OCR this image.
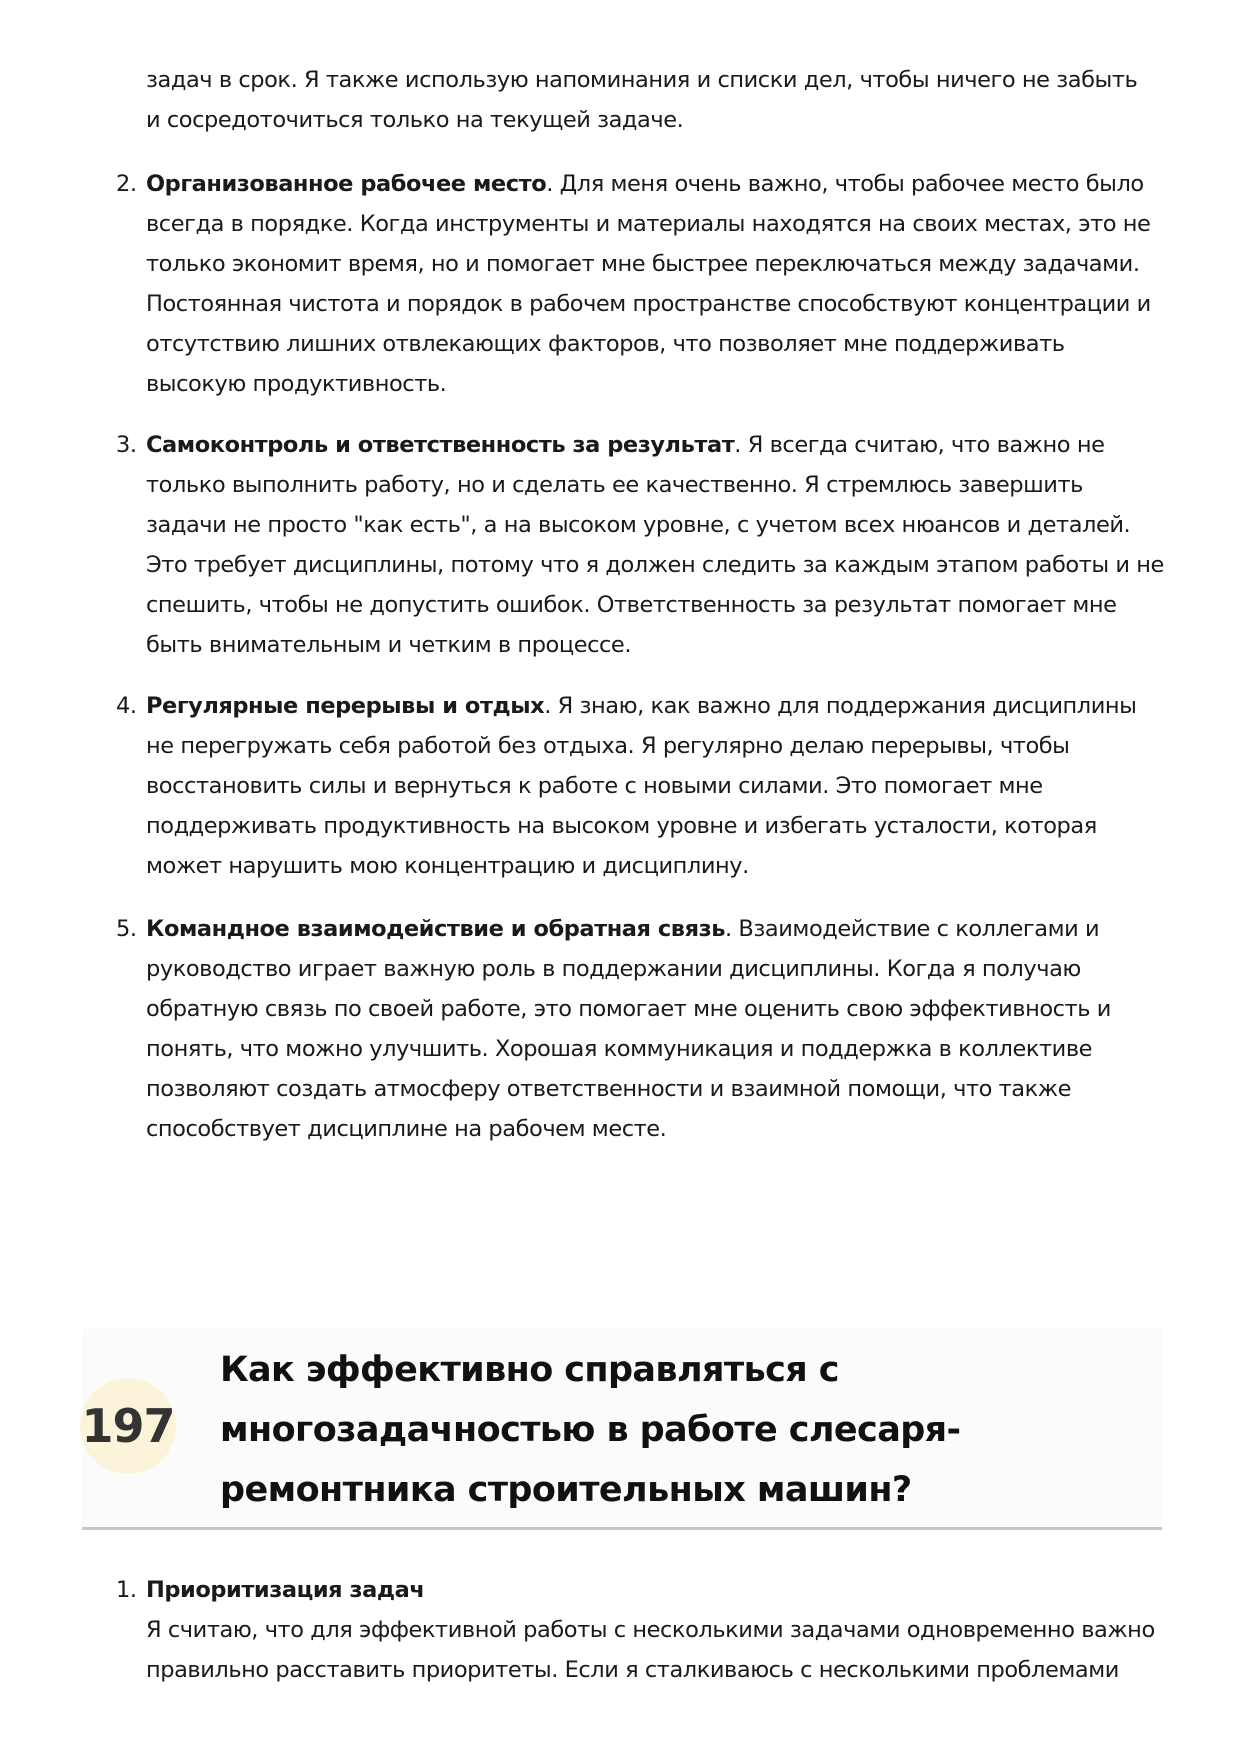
задач в срок. Я также использую напоминания и списки дел, чтобы ничего не забыть и сосредоточиться только на текущей задаче.
2. Организованное рабочее место. Для меня очень важно, чтобы рабочее место было всегда в порядке. Когда инструменты и материалы находятся на своих местах, это не только экономит время, но и помогает мне быстрее переключаться между задачами. Постоянная чистота и порядок в рабочем пространстве способствуют концентрации и отсутствию лишних отвлекающих факторов, что позволяет мне поддерживать высокую продуктивность.
3. Самоконтроль и ответственность за результат. Я всегда считаю, что важно не только выполнить работу, но и сделать ее качественно. Я стремлюсь завершить задачи не просто "как есть", а на высоком уровне, с учетом всех нюансов и деталей. Это требует дисциплины, потому что я должен следить за каждым этапом работы и не спешить, чтобы не допустить ошибок. Ответственность за результат помогает мне быть внимательным и четким в процессе.
4. Регулярные перерывы и отдых. Я знаю, как важно для поддержания дисциплины не перегружать себя работой без отдыха. Я регулярно делаю перерывы, чтобы восстановить силы и вернуться к работе с новыми силами. Это помогает мне поддерживать продуктивность на высоком уровне и избегать усталости, которая может нарушить мою концентрацию и дисциплину.
5. Командное взаимодействие и обратная связь. Взаимодействие с коллегами и руководство играет важную роль в поддержании дисциплины. Когда я получаю обратную связь по своей работе, это помогает мне оценить свою эффективность и понять, что можно улучшить. Хорошая коммуникация и поддержка в коллективе позволяют создать атмосферу ответственности и взаимной помощи, что также способствует дисциплине на рабочем месте.
197
Как эффективно справляться с многозадачностью в работе слесаря-ремонтника строительных машин?
1. Приоритизация задач
Я считаю, что для эффективной работы с несколькими задачами одновременно важно правильно расставить приоритеты. Если я сталкиваюсь с несколькими проблемами
